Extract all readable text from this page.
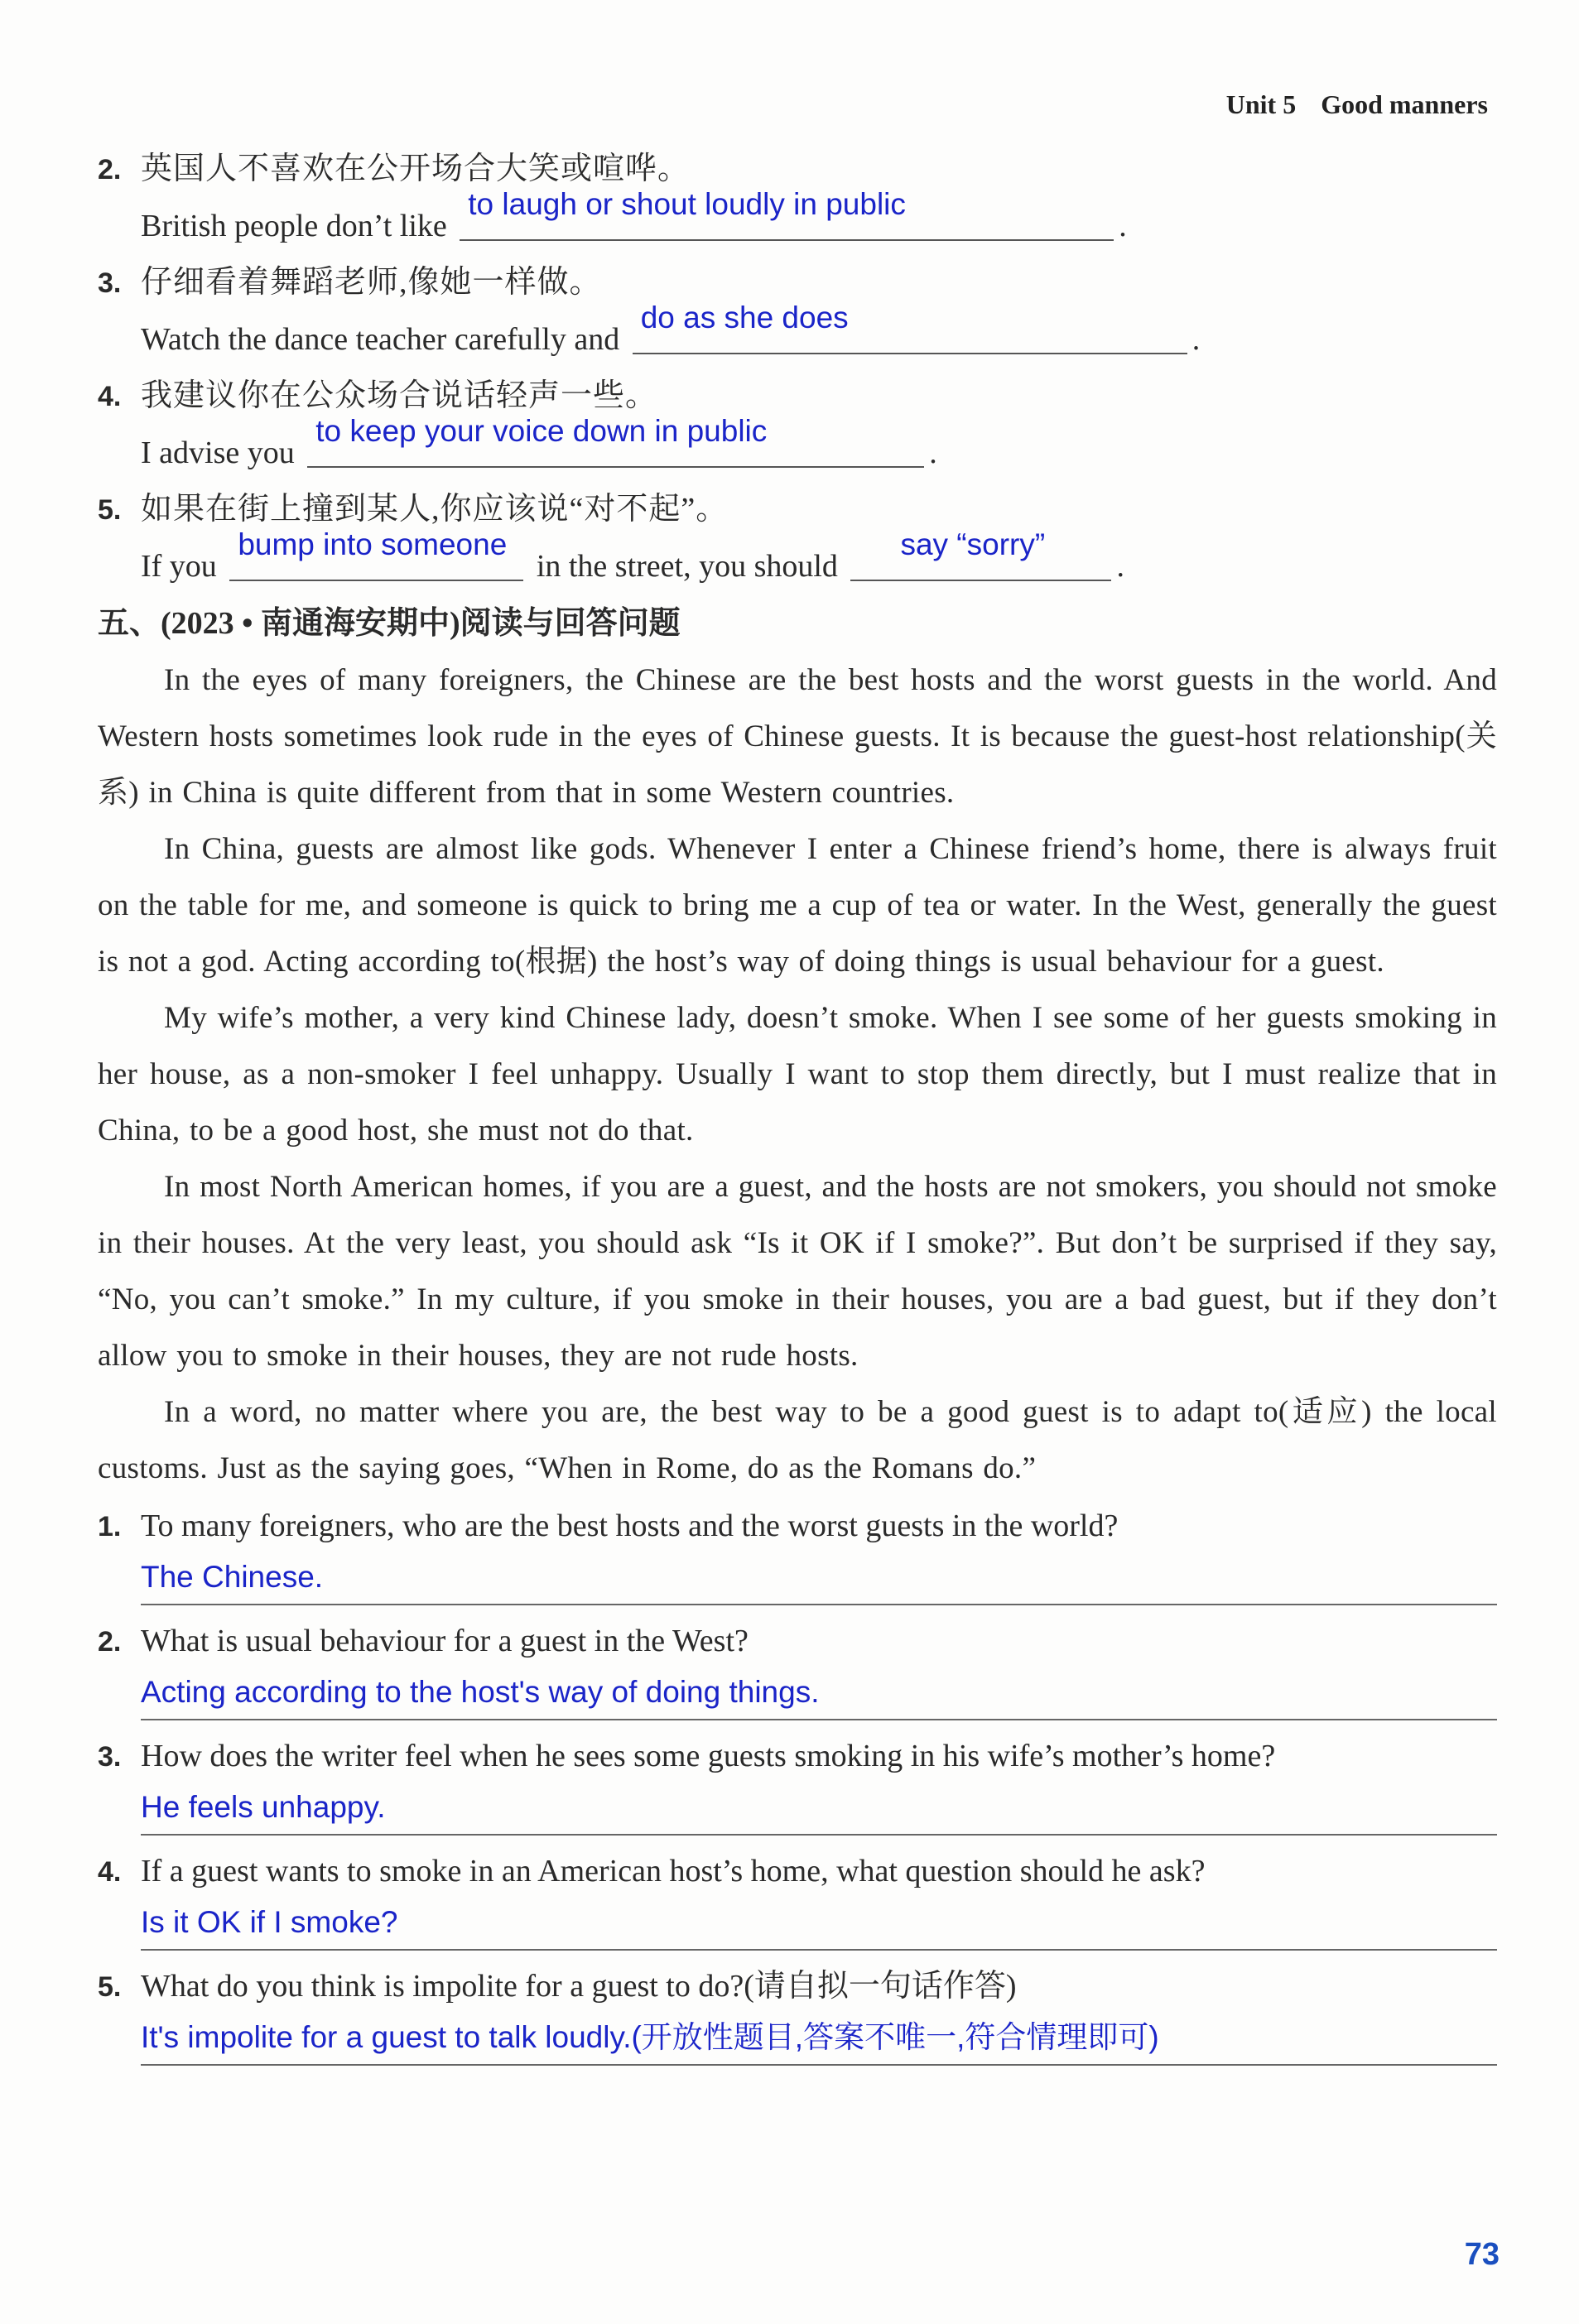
Unit 5 Good manners
2. 英国人不喜欢在公开场合大笑或喧哗。
British people don’t like
to laugh or shout loudly in public
.
3. 仔细看着舞蹈老师,像她一样做。
Watch the dance teacher carefully and
do as she does
.
4. 我建议你在公众场合说话轻声一些。
I advise you
to keep your voice down in public
.
5. 如果在街上撞到某人,你应该说“对不起”。
If you
bump into someone
in the street, you should
say “sorry”
.
五、(2023 • 南通海安期中)阅读与回答问题

In the eyes of many foreigners, the Chinese are the best hosts and the worst guests in the world. And Western hosts sometimes look rude in the eyes of Chinese guests. It is because the guest-host relationship(关系) in China is quite different from that in some Western countries.

In China, guests are almost like gods. Whenever I enter a Chinese friend’s home, there is always fruit on the table for me, and someone is quick to bring me a cup of tea or water. In the West, generally the guest is not a god. Acting according to(根据) the host’s way of doing things is usual behaviour for a guest.

My wife’s mother, a very kind Chinese lady, doesn’t smoke. When I see some of her guests smoking in her house, as a non-smoker I feel unhappy. Usually I want to stop them directly, but I must realize that in China, to be a good host, she must not do that.

In most North American homes, if you are a guest, and the hosts are not smokers, you should not smoke in their houses. At the very least, you should ask “Is it OK if I smoke?”. But don’t be surprised if they say, “No, you can’t smoke.” In my culture, if you smoke in their houses, you are a bad guest, but if they don’t allow you to smoke in their houses, they are not rude hosts.

In a word, no matter where you are, the best way to be a good guest is to adapt to(适应) the local customs. Just as the saying goes, “When in Rome, do as the Romans do.”

1. To many foreigners, who are the best hosts and the worst guests in the world?
The Chinese.
2. What is usual behaviour for a guest in the West?
Acting according to the host's way of doing things.
3. How does the writer feel when he sees some guests smoking in his wife’s mother’s home?
He feels unhappy.
4. If a guest wants to smoke in an American host’s home, what question should he ask?
Is it OK if I smoke?
5. What do you think is impolite for a guest to do?(请自拟一句话作答)
It's impolite for a guest to talk loudly.(开放性题目,答案不唯一,符合情理即可)
73
